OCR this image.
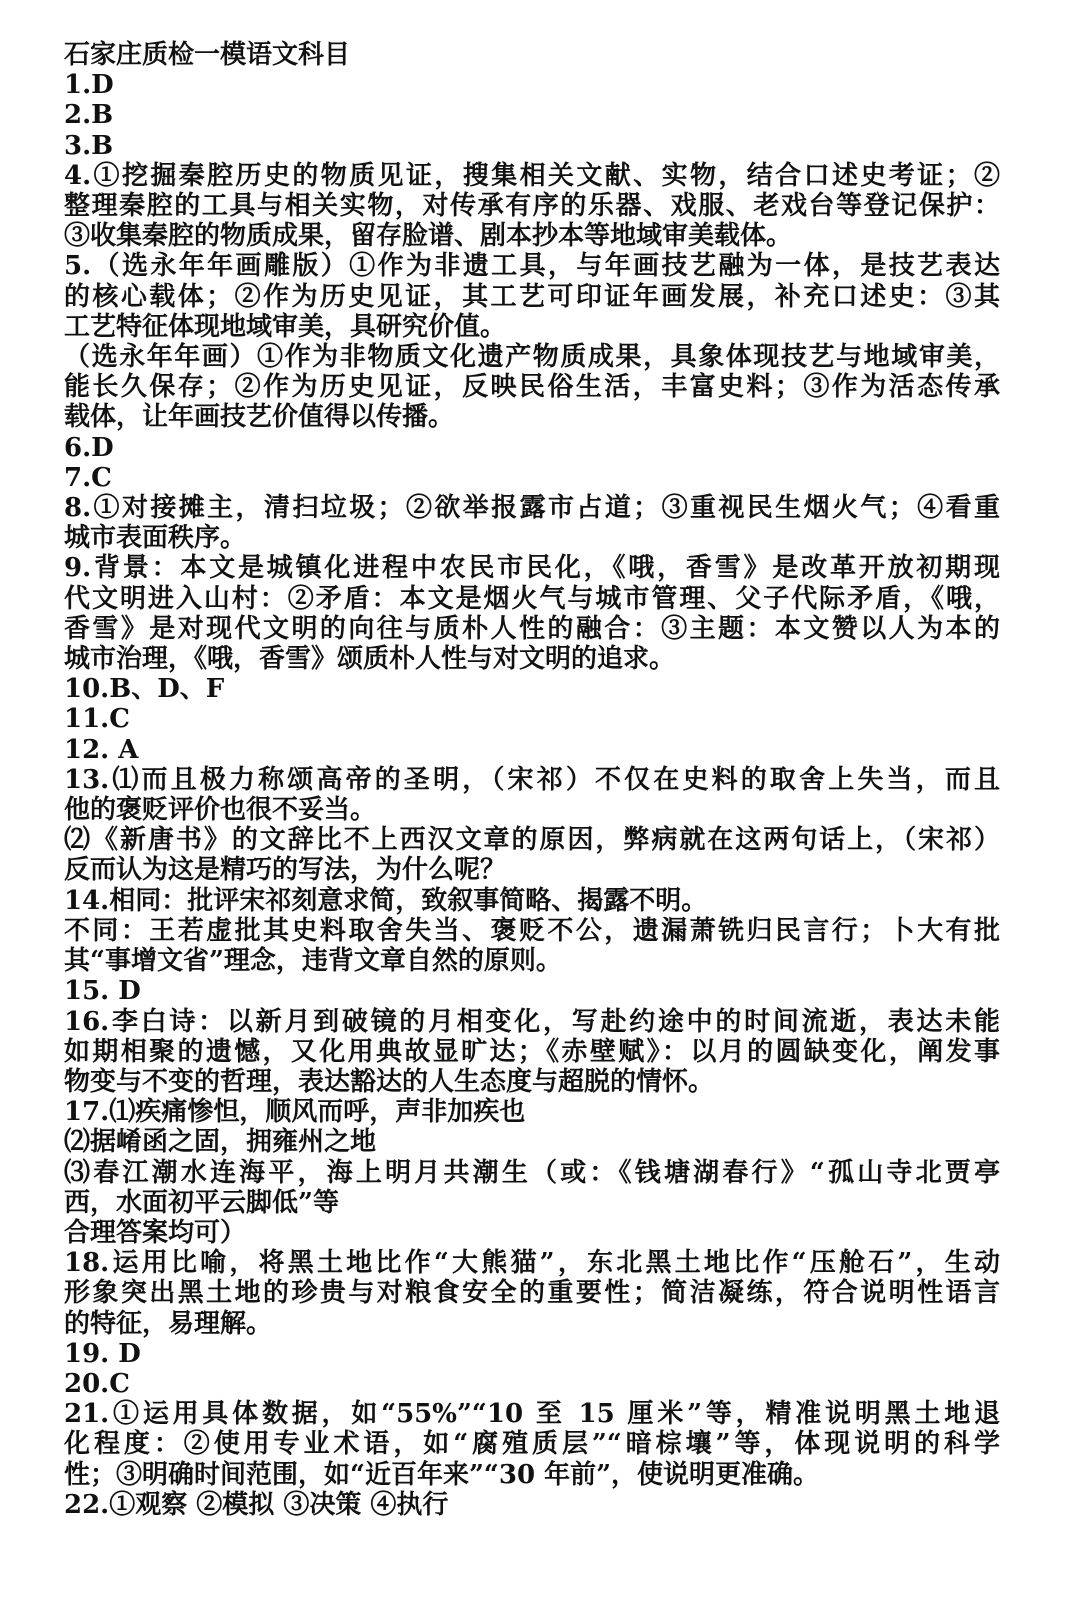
石家庄质检一模语文科目

1.D

2.B

3.B

4.①挖掘秦腔历史的物质见证，搜集相关文献、实物，结合口述史考证；②

整理秦腔的工具与相关实物，对传承有序的乐器、戏服、老戏台等登记保护：

③收集秦腔的物质成果，留存脸谱、剧本抄本等地域审美载体。

5.（选永年年画雕版）①作为非遗工具，与年画技艺融为一体，是技艺表达

的核心载体；②作为历史见证，其工艺可印证年画发展，补充口述史：③其

工艺特征体现地域审美，具研究价值。

（选永年年画）①作为非物质文化遗产物质成果，具象体现技艺与地域审美，

能长久保存；②作为历史见证，反映民俗生活，丰富史料；③作为活态传承

载体，让年画技艺价值得以传播。

6.D

7.C

8.①对接摊主，清扫垃圾；②欲举报露市占道；③重视民生烟火气；④看重

城市表面秩序。

9.背景：本文是城镇化进程中农民市民化，《哦，香雪》是改革开放初期现

代文明进入山村：②矛盾：本文是烟火气与城市管理、父子代际矛盾，《哦，

香雪》是对现代文明的向往与质朴人性的融合：③主题：本文赞以人为本的

城市治理，《哦，香雪》颂质朴人性与对文明的追求。

10.B、D、F

11.C

12. A

13.⑴而且极力称颂高帝的圣明，（宋祁）不仅在史料的取舍上失当，而且

他的褒贬评价也很不妥当。

⑵《新唐书》的文辞比不上西汉文章的原因，弊病就在这两句话上，（宋祁）

反而认为这是精巧的写法，为什么呢？

14.相同：批评宋祁刻意求简，致叙事简略、揭露不明。

不同：王若虚批其史料取舍失当、褒贬不公，遗漏萧铣归民言行；卜大有批

其“事增文省”理念，违背文章自然的原则。

15. D

16.李白诗：以新月到破镜的月相变化，写赴约途中的时间流逝，表达未能

如期相聚的遗憾，又化用典故显旷达；《赤壁赋》：以月的圆缺变化，阐发事

物变与不变的哲理，表达豁达的人生态度与超脱的情怀。

17.⑴疾痛惨怛，顺风而呼，声非加疾也

⑵据崤函之固，拥雍州之地

⑶春江潮水连海平，海上明月共潮生（或：《钱塘湖春行》“孤山寺北贾亭

西，水面初平云脚低”等

合理答案均可）

18.运用比喻，将黑土地比作“大熊猫”，东北黑土地比作“压舱石”，生动

形象突出黑土地的珍贵与对粮食安全的重要性；简洁凝练，符合说明性语言

的特征，易理解。

19. D

20.C

21.①运用具体数据，如“55%”“10 至 15 厘米”等，精准说明黑土地退

化程度：②使用专业术语，如“腐殖质层”“暗棕壤”等，体现说明的科学

性；③明确时间范围，如“近百年来”“30 年前”，使说明更准确。

22.①观察 ②模拟 ③决策 ④执行
